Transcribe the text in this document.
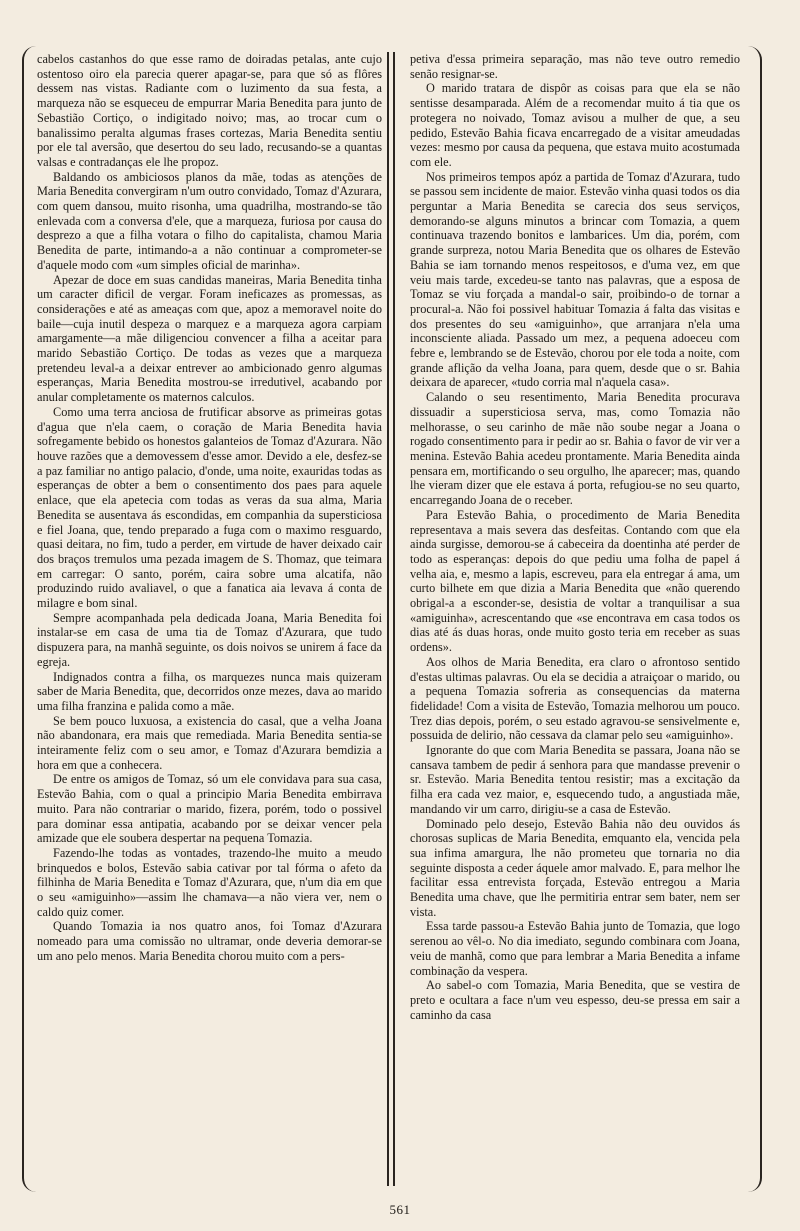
cabelos castanhos do que esse ramo de doiradas petalas, ante cujo ostentoso oiro ela parecia querer apagar-se, para que só as flôres dessem nas vistas. Radiante com o luzimento da sua festa, a marqueza não se esqueceu de empurrar Maria Benedita para junto de Sebastião Cortiço, o indigitado noivo; mas, ao trocar cum o banalissimo peralta algumas frases cortezas, Maria Benedita sentiu por ele tal aversão, que desertou do seu lado, recusando-se a quantas valsas e contradanças ele lhe propoz.

Baldando os ambiciosos planos da mãe, todas as atenções de Maria Benedita convergiram n'um outro convidado, Tomaz d'Azurara, com quem dansou, muito risonha, uma quadrilha, mostrando-se tão enlevada com a conversa d'ele, que a marqueza, furiosa por causa do desprezo a que a filha votara o filho do capitalista, chamou Maria Benedita de parte, intimando-a a não continuar a comprometer-se d'aquele modo com «um simples oficial de marinha».

Apezar de doce em suas candidas maneiras, Maria Benedita tinha um caracter dificil de vergar. Foram ineficazes as promessas, as considerações e até as ameaças com que, apoz a memoravel noite do baile—cuja inutil despeza o marquez e a marqueza agora carpiam amargamente—a mãe diligenciou convencer a filha a aceitar para marido Sebastião Cortiço. De todas as vezes que a marqueza pretendeu leval-a a deixar entrever ao ambicionado genro algumas esperanças, Maria Benedita mostrou-se irredutivel, acabando por anular completamente os maternos calculos.

Como uma terra anciosa de frutificar absorve as primeiras gotas d'agua que n'ela caem, o coração de Maria Benedita havia sofregamente bebido os honestos galanteios de Tomaz d'Azurara. Não houve razões que a demovessem d'esse amor. Devido a ele, desfez-se a paz familiar no antigo palacio, d'onde, uma noite, exauridas todas as esperanças de obter a bem o consentimento dos paes para aquele enlace, que ela apetecia com todas as veras da sua alma, Maria Benedita se ausentava ás escondidas, em companhia da supersticiosa e fiel Joana, que, tendo preparado a fuga com o maximo resguardo, quasi deitara, no fim, tudo a perder, em virtude de haver deixado cair dos braços tremulos uma pezada imagem de S. Thomaz, que teimara em carregar: O santo, porém, caira sobre uma alcatifa, não produzindo ruido avaliavel, o que a fanatica aia levava á conta de milagre e bom sinal.

Sempre acompanhada pela dedicada Joana, Maria Benedita foi instalar-se em casa de uma tia de Tomaz d'Azurara, que tudo dispuzera para, na manhã seguinte, os dois noivos se unirem á face da egreja.

Indignados contra a filha, os marquezes nunca mais quizeram saber de Maria Benedita, que, decorridos onze mezes, dava ao marido uma filha franzina e palida como a mãe.

Se bem pouco luxuosa, a existencia do casal, que a velha Joana não abandonara, era mais que remediada. Maria Benedita sentia-se inteiramente feliz com o seu amor, e Tomaz d'Azurara bemdizia a hora em que a conhecera.

De entre os amigos de Tomaz, só um ele convidava para sua casa, Estevão Bahia, com o qual a principio Maria Benedita embirrava muito. Para não contrariar o marido, fizera, porém, todo o possivel para dominar essa antipatia, acabando por se deixar vencer pela amizade que ele soubera despertar na pequena Tomazia.

Fazendo-lhe todas as vontades, trazendo-lhe muito a meudo brinquedos e bolos, Estevão sabia cativar por tal fórma o afeto da filhinha de Maria Benedita e Tomaz d'Azurara, que, n'um dia em que o seu «amiguinho»—assim lhe chamava—a não viera ver, nem o caldo quiz comer.

Quando Tomazia ia nos quatro anos, foi Tomaz d'Azurara nomeado para uma comissão no ultramar, onde deveria demorar-se um ano pelo menos. Maria Benedita chorou muito com a pers-

petiva d'essa primeira separação, mas não teve outro remedio senão resignar-se.

O marido tratara de dispôr as coisas para que ela se não sentisse desamparada. Além de a recomendar muito á tia que os protegera no noivado, Tomaz avisou a mulher de que, a seu pedido, Estevão Bahia ficava encarregado de a visitar ameudadas vezes: mesmo por causa da pequena, que estava muito acostumada com ele.

Nos primeiros tempos apóz a partida de Tomaz d'Azurara, tudo se passou sem incidente de maior. Estevão vinha quasi todos os dia perguntar a Maria Benedita se carecia dos seus serviços, demorando-se alguns minutos a brincar com Tomazia, a quem continuava trazendo bonitos e lambarices. Um dia, porém, com grande surpreza, notou Maria Benedita que os olhares de Estevão Bahia se iam tornando menos respeitosos, e d'uma vez, em que veiu mais tarde, excedeu-se tanto nas palavras, que a esposa de Tomaz se viu forçada a mandal-o sair, proibindo-o de tornar a procural-a. Não foi possivel habituar Tomazia á falta das visitas e dos presentes do seu «amiguinho», que arranjara n'ela uma inconsciente aliada. Passado um mez, a pequena adoeceu com febre e, lembrando se de Estevão, chorou por ele toda a noite, com grande aflição da velha Joana, para quem, desde que o sr. Bahia deixara de aparecer, «tudo corria mal n'aquela casa».

Calando o seu resentimento, Maria Benedita procurava dissuadir a supersticiosa serva, mas, como Tomazia não melhorasse, o seu carinho de mãe não soube negar a Joana o rogado consentimento para ir pedir ao sr. Bahia o favor de vir ver a menina. Estevão Bahia acedeu prontamente. Maria Benedita ainda pensara em, mortificando o seu orgulho, lhe aparecer; mas, quando lhe vieram dizer que ele estava á porta, refugiou-se no seu quarto, encarregando Joana de o receber.

Para Estevão Bahia, o procedimento de Maria Benedita representava a mais severa das desfeitas. Contando com que ela ainda surgisse, demorou-se á cabeceira da doentinha até perder de todo as esperanças: depois do que pediu uma folha de papel á velha aia, e, mesmo a lapis, escreveu, para ela entregar á ama, um curto bilhete em que dizia a Maria Benedita que «não querendo obrigal-a a esconder-se, desistia de voltar a tranquilisar a sua «amiguinha», acrescentando que «se encontrava em casa todos os dias até ás duas horas, onde muito gosto teria em receber as suas ordens».

Aos olhos de Maria Benedita, era claro o afrontoso sentido d'estas ultimas palavras. Ou ela se decidia a atraiçoar o marido, ou a pequena Tomazia sofreria as consequencias da materna fidelidade! Com a visita de Estevão, Tomazia melhorou um pouco. Trez dias depois, porém, o seu estado agravou-se sensivelmente e, possuida de delirio, não cessava da clamar pelo seu «amiguinho».

Ignorante do que com Maria Benedita se passara, Joana não se cansava tambem de pedir á senhora para que mandasse prevenir o sr. Estevão. Maria Benedita tentou resistir; mas a excitação da filha era cada vez maior, e, esquecendo tudo, a angustiada mãe, mandando vir um carro, dirigiu-se a casa de Estevão.

Dominado pelo desejo, Estevão Bahia não deu ouvidos ás chorosas suplicas de Maria Benedita, emquanto ela, vencida pela sua infima amargura, lhe não prometeu que tornaria no dia seguinte disposta a ceder áquele amor malvado. E, para melhor lhe facilitar essa entrevista forçada, Estevão entregou a Maria Benedita uma chave, que lhe permitiria entrar sem bater, nem ser vista.

Essa tarde passou-a Estevão Bahia junto de Tomazia, que logo serenou ao vêl-o. No dia imediato, segundo combinara com Joana, veiu de manhã, como que para lembrar a Maria Benedita a infame combinação da vespera.

Ao sabel-o com Tomazia, Maria Benedita, que se vestira de preto e ocultara a face n'um veu espesso, deu-se pressa em sair a caminho da casa

561
